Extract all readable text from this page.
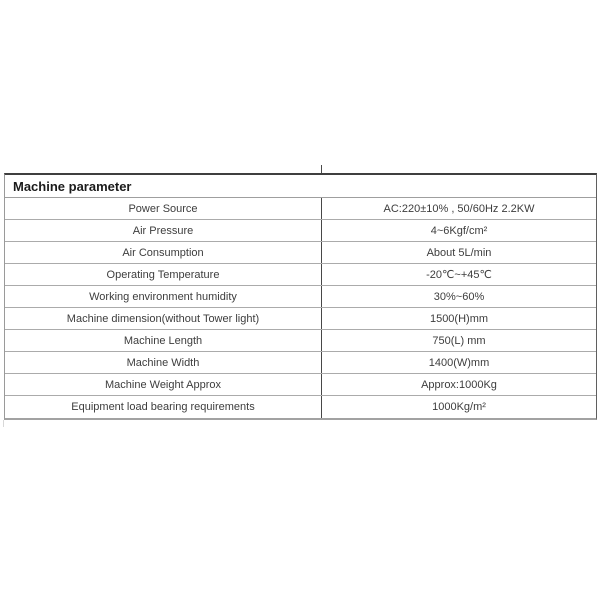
Machine parameter
Power Source	AC:220±10% , 50/60Hz 2.2KW
Air Pressure	4~6Kgf/cm²
Air Consumption	About 5L/min
Operating Temperature	-20℃~+45℃
Working environment humidity	30%~60%
Machine dimension(without Tower light)	1500(H)mm
Machine Length	750(L) mm
Machine Width	1400(W)mm
Machine Weight Approx	Approx:1000Kg
Equipment load bearing requirements	1000Kg/m²
